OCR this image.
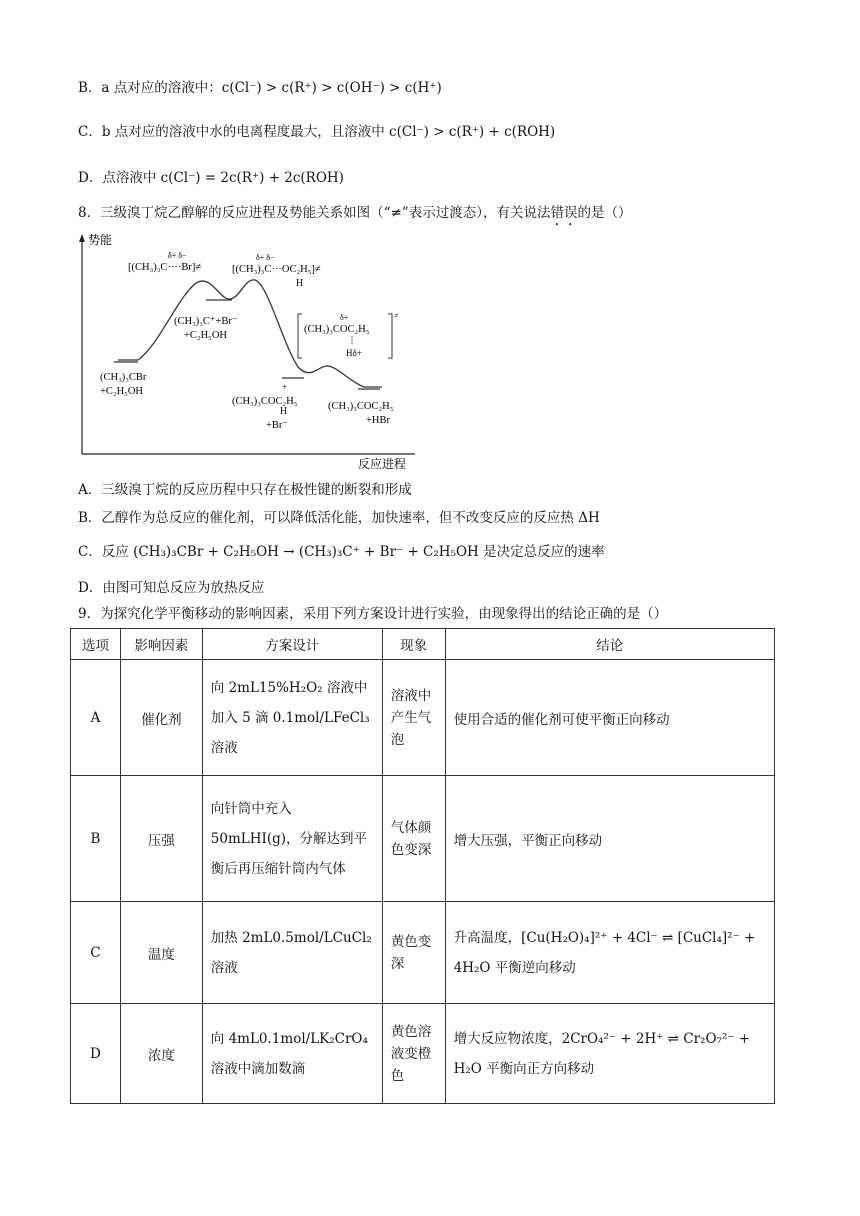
B．a 点对应的溶液中：c(Cl⁻) > c(R⁺) > c(OH⁻) > c(H⁺)
C．b 点对应的溶液中水的电离程度最大，且溶液中 c(Cl⁻) > c(R⁺) + c(ROH)
D．点溶液中 c(Cl⁻) = 2c(R⁺) + 2c(ROH)
8．三级溴丁烷乙醇解的反应进程及势能关系如图（“≠”表示过渡态），有关说法错误的是（）
势能
反应进程
δ+ δ−
[(CH₃)₃C····Br]≠
δ+ δ−
[(CH₃)₃C···OC₂H₅]≠
H
(CH₃)₃C⁺+Br⁻
+C₂H₅OH
(CH₃)₃CBr
+C₂H₅OH
≠
δ+
(CH₃)₃COC₂H₅
Hδ+
+
(CH₃)₃COC₂H₅
H
+Br⁻
(CH₃)₃COC₂H₅
+HBr
A．三级溴丁烷的反应历程中只存在极性键的断裂和形成
B．乙醇作为总反应的催化剂，可以降低活化能，加快速率，但不改变反应的反应热 ΔH
C．反应 (CH₃)₃CBr + C₂H₅OH → (CH₃)₃C⁺ + Br⁻ + C₂H₅OH 是决定总反应的速率
D．由图可知总反应为放热反应
9．为探究化学平衡移动的影响因素，采用下列方案设计进行实验，由现象得出的结论正确的是（）
选项	影响因素	方案设计	现象	结论
A	催化剂	向 2mL15%H₂O₂ 溶液中加入 5 滴 0.1mol/LFeCl₃ 溶液	溶液中产生气泡	使用合适的催化剂可使平衡正向移动
B	压强	向针筒中充入 50mLHI(g)，分解达到平衡后再压缩针筒内气体	气体颜色变深	增大压强，平衡正向移动
C	温度	加热 2mL0.5mol/LCuCl₂ 溶液	黄色变深	升高温度，[Cu(H₂O)₄]²⁺ + 4Cl⁻ ⇌ [CuCl₄]²⁻ + 4H₂O 平衡逆向移动
D	浓度	向 4mL0.1mol/LK₂CrO₄ 溶液中滴加数滴	黄色溶液变橙色	增大反应物浓度，2CrO₄²⁻ + 2H⁺ ⇌ Cr₂O₇²⁻ + H₂O 平衡向正方向移动
